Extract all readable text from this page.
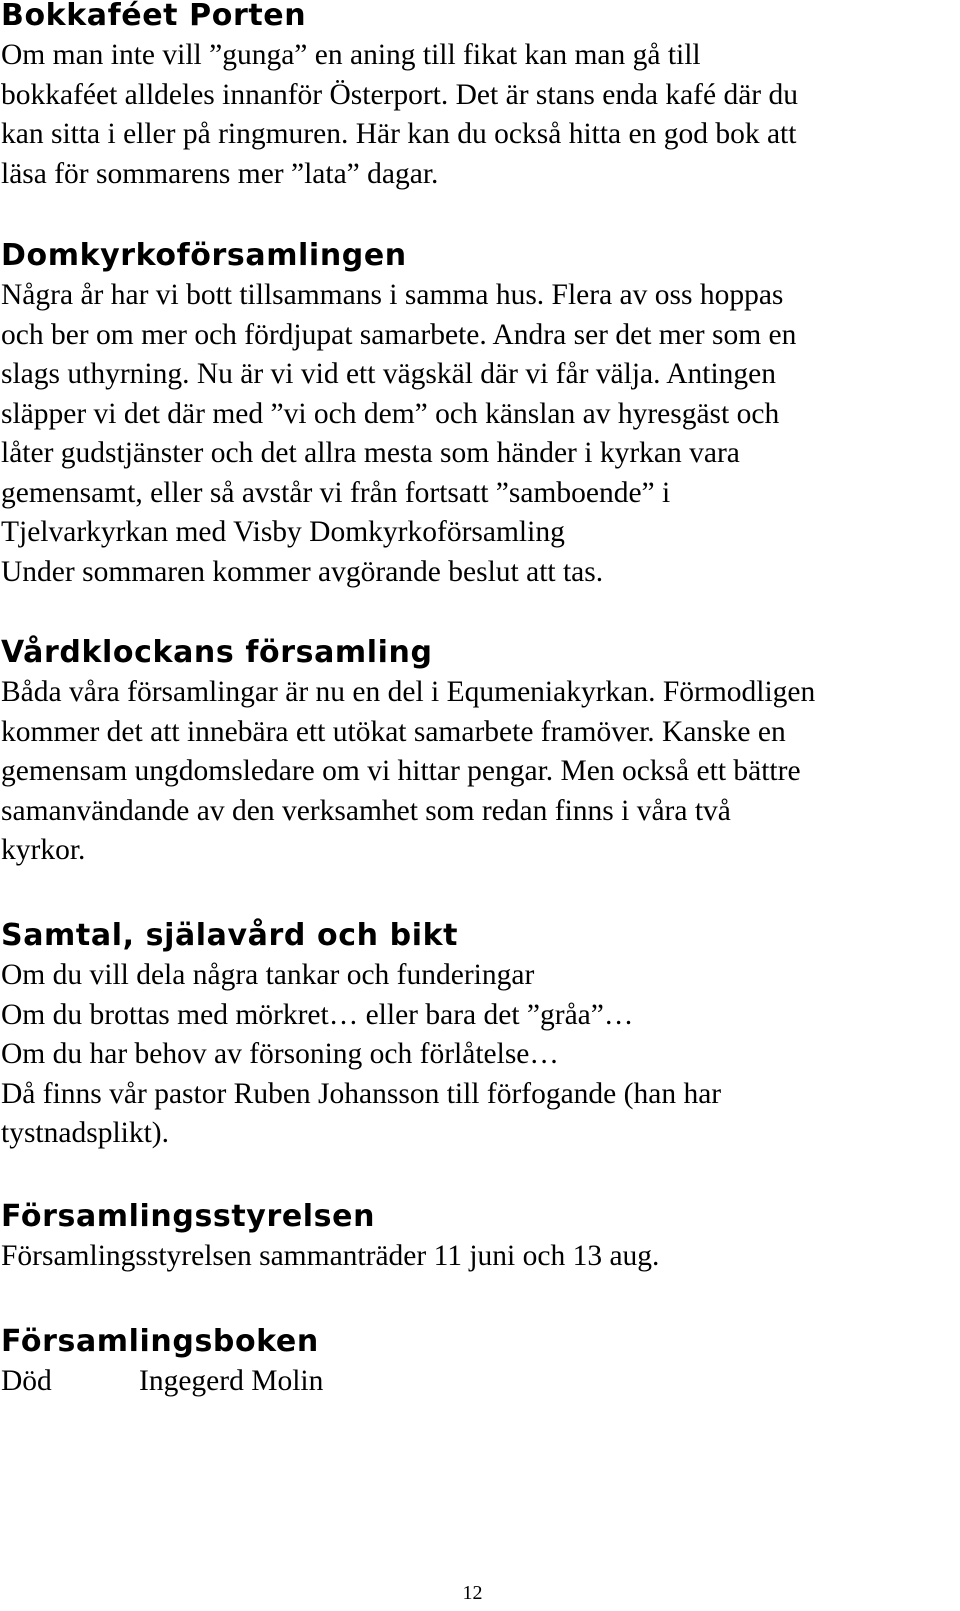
Bokkaféet Porten
Om man inte vill ”gunga” en aning till fikat kan man gå till
bokkaféet alldeles innanför Österport. Det är stans enda kafé där du
kan sitta i eller på ringmuren. Här kan du också hitta en god bok att
läsa för sommarens mer ”lata” dagar.
Domkyrkoförsamlingen
Några år har vi bott tillsammans i samma hus. Flera av oss hoppas
och ber om mer och fördjupat samarbete. Andra ser det mer som en
slags uthyrning. Nu är vi vid ett vägskäl där vi får välja. Antingen
släpper vi det där med ”vi och dem” och känslan av hyresgäst och
låter gudstjänster och det allra mesta som händer i kyrkan vara
gemensamt, eller så avstår vi från fortsatt ”samboende” i
Tjelvarkyrkan med Visby Domkyrkoförsamling
Under sommaren kommer avgörande beslut att tas.
Vårdklockans församling
Båda våra församlingar är nu en del i Equmeniakyrkan. Förmodligen
kommer det att innebära ett utökat samarbete framöver. Kanske en
gemensam ungdomsledare om vi hittar pengar. Men också ett bättre
samanvändande av den verksamhet som redan finns i våra två
kyrkor.
Samtal, själavård och bikt
Om du vill dela några tankar och funderingar
Om du brottas med mörkret… eller bara det ”gråa”…
Om du har behov av försoning och förlåtelse…
Då finns vår pastor Ruben Johansson till förfogande (han har
tystnadsplikt).
Församlingsstyrelsen
Församlingsstyrelsen sammanträder 11 juni och 13 aug.
Församlingsboken
Död	Ingegerd Molin
12
